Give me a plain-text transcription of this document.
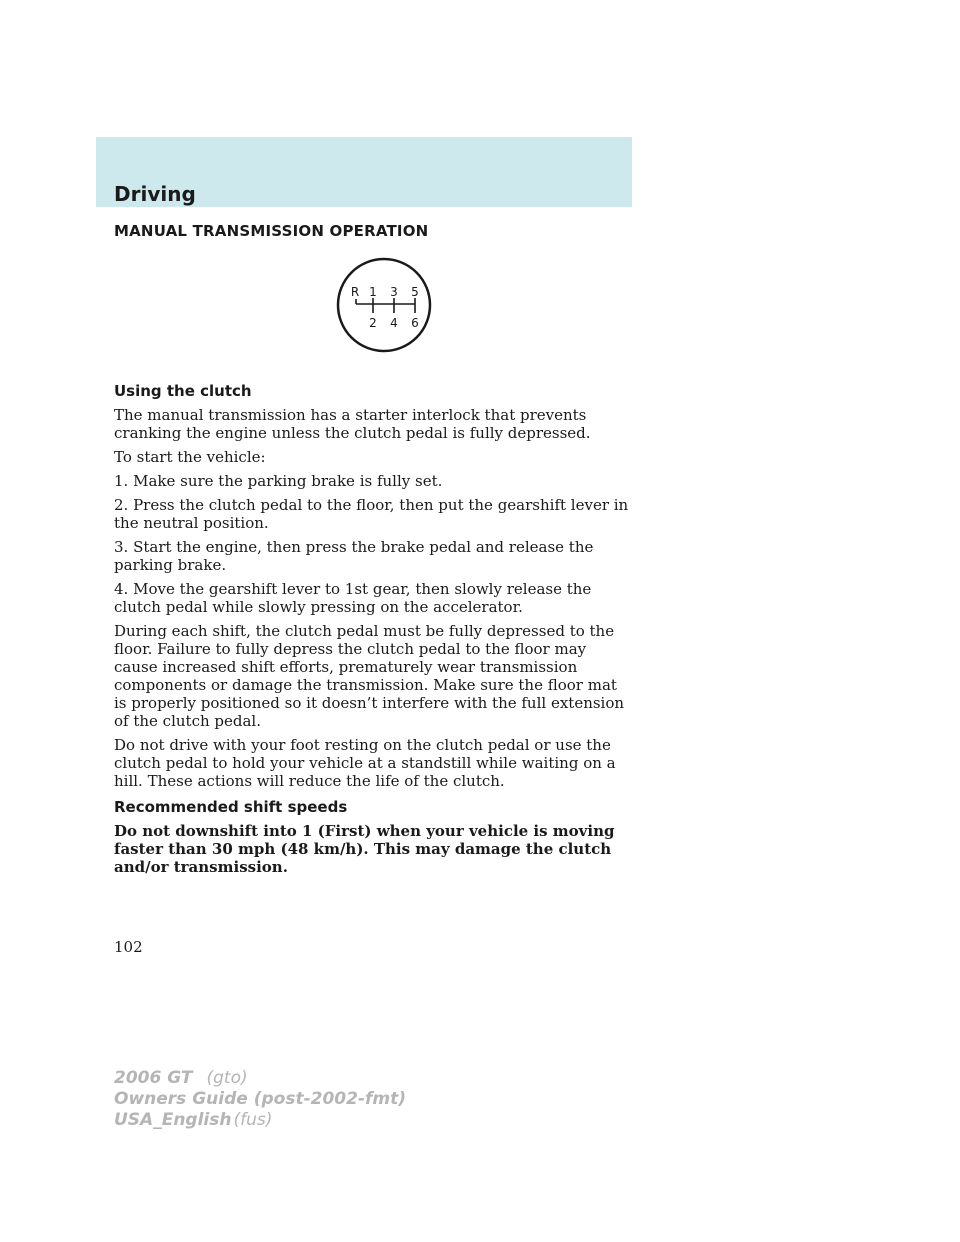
Driving
MANUAL TRANSMISSION OPERATION
R 1 3 5
2 4 6
Using the clutch

The manual transmission has a starter interlock that prevents cranking the engine unless the clutch pedal is fully depressed.

To start the vehicle:

1. Make sure the parking brake is fully set.

2. Press the clutch pedal to the floor, then put the gearshift lever in the neutral position.

3. Start the engine, then press the brake pedal and release the parking brake.

4. Move the gearshift lever to 1st gear, then slowly release the clutch pedal while slowly pressing on the accelerator.

During each shift, the clutch pedal must be fully depressed to the floor. Failure to fully depress the clutch pedal to the floor may cause increased shift efforts, prematurely wear transmission components or damage the transmission. Make sure the floor mat is properly positioned so it doesn’t interfere with the full extension of the clutch pedal.

Do not drive with your foot resting on the clutch pedal or use the clutch pedal to hold your vehicle at a standstill while waiting on a hill. These actions will reduce the life of the clutch.

Recommended shift speeds

Do not downshift into 1 (First) when your vehicle is moving faster than 30 mph (48 km/h). This may damage the clutch and/or transmission.

102
2006 GT (gto)
Owners Guide (post-2002-fmt)
USA_English (fus)
